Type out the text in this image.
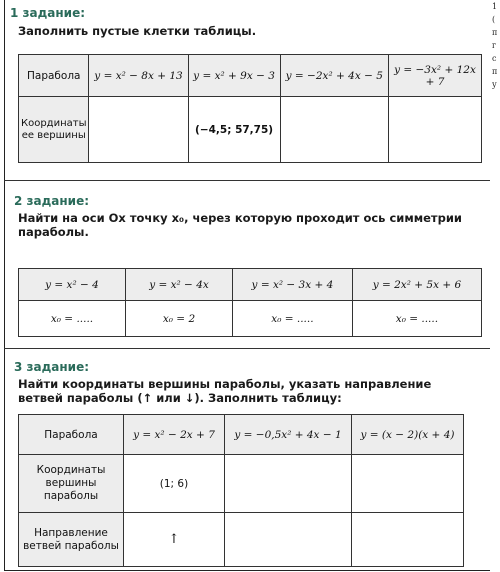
1
(
п
г
с
п
у
1 задание:
Заполнить пустые клетки таблицы.
Парабола	y = x² − 8x + 13	y = x² + 9x − 3	y = −2x² + 4x − 5	y = −3x² + 12x + 7
Координаты ее вершины		(−4,5; 57,75)		
2 задание:
Найти на оси Ox точку x₀, через которую проходит ось симметрии параболы.
y = x² − 4	y = x² − 4x	y = x² − 3x + 4	y = 2x² + 5x + 6
x₀ = .....	x₀ = 2	x₀ = .....	x₀ = .....
3 задание:
Найти координаты вершины параболы, указать направление ветвей параболы (↑ или ↓). Заполнить таблицу:
Парабола	y = x² − 2x + 7	y = −0,5x² + 4x − 1	y = (x − 2)(x + 4)
Координаты вершины параболы	(1; 6)		
Направление ветвей параболы	↑		
